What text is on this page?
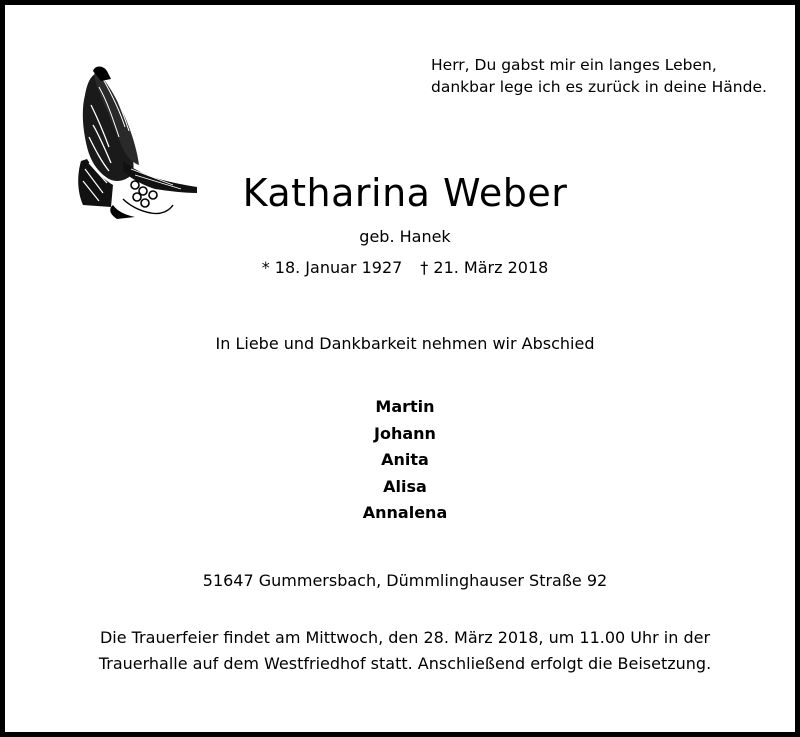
Herr, Du gabst mir ein langes Leben,
dankbar lege ich es zurück in deine Hände.
Katharina Weber
geb. Hanek
* 18. Januar 1927 † 21. März 2018
In Liebe und Dankbarkeit nehmen wir Abschied
Martin
Johann
Anita
Alisa
Annalena
51647 Gummersbach, Dümmlinghauser Straße 92
Die Trauerfeier findet am Mittwoch, den 28. März 2018, um 11.00 Uhr in der
Trauerhalle auf dem Westfriedhof statt. Anschließend erfolgt die Beisetzung.
